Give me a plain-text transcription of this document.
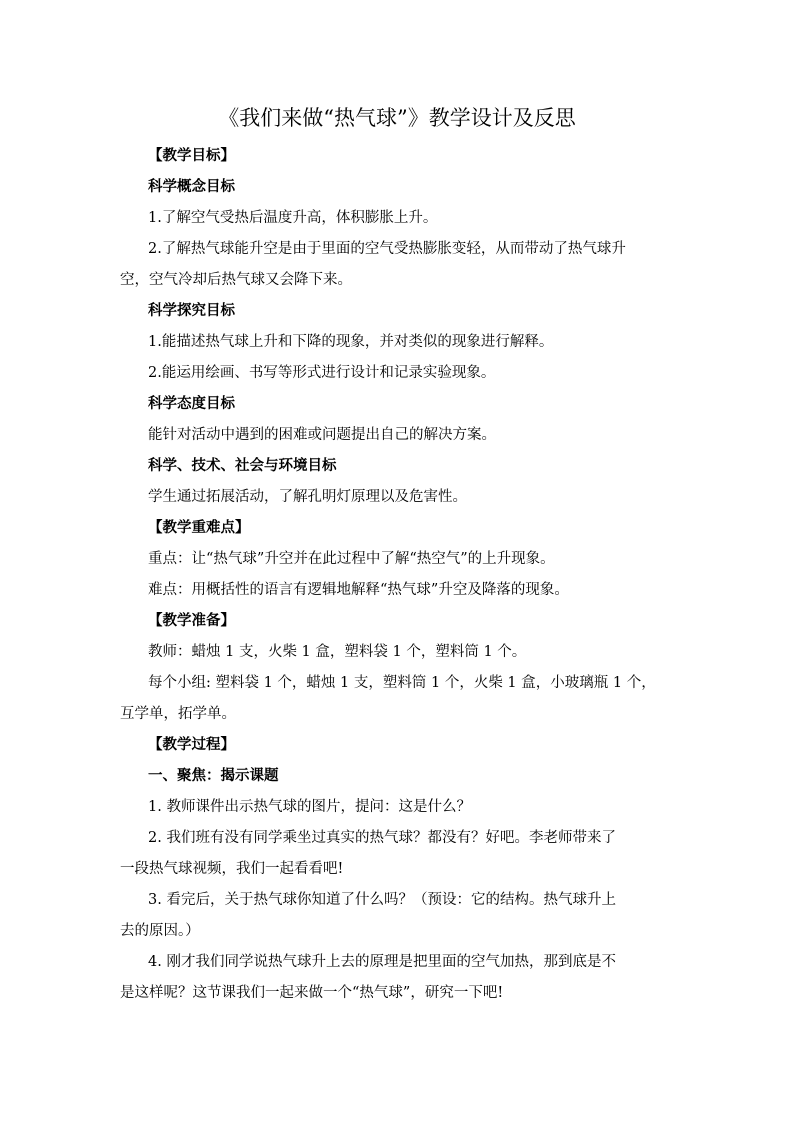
《我们来做“热气球”》教学设计及反思
【教学目标】
科学概念目标
1.了解空气受热后温度升高，体积膨胀上升。
2.了解热气球能升空是由于里面的空气受热膨胀变轻，从而带动了热气球升
空，空气冷却后热气球又会降下来。
科学探究目标
1.能描述热气球上升和下降的现象，并对类似的现象进行解释。
2.能运用绘画、书写等形式进行设计和记录实验现象。
科学态度目标
能针对活动中遇到的困难或问题提出自己的解决方案。
科学、技术、社会与环境目标
学生通过拓展活动，了解孔明灯原理以及危害性。
【教学重难点】
重点：让“热气球”升空并在此过程中了解“热空气”的上升现象。
难点：用概括性的语言有逻辑地解释“热气球”升空及降落的现象。
【教学准备】
教师：蜡烛 1 支，火柴 1 盒，塑料袋 1 个，塑料筒 1 个。
每个小组: 塑料袋 1 个，蜡烛 1 支，塑料筒 1 个，火柴 1 盒，小玻璃瓶 1 个，
互学单，拓学单。
【教学过程】
一、聚焦：揭示课题
1. 教师课件出示热气球的图片，提问：这是什么？
2. 我们班有没有同学乘坐过真实的热气球？都没有？好吧。李老师带来了
一段热气球视频，我们一起看看吧!
3. 看完后，关于热气球你知道了什么吗？（预设：它的结构。热气球升上
去的原因。）
4. 刚才我们同学说热气球升上去的原理是把里面的空气加热，那到底是不
是这样呢？这节课我们一起来做一个“热气球”，研究一下吧!
